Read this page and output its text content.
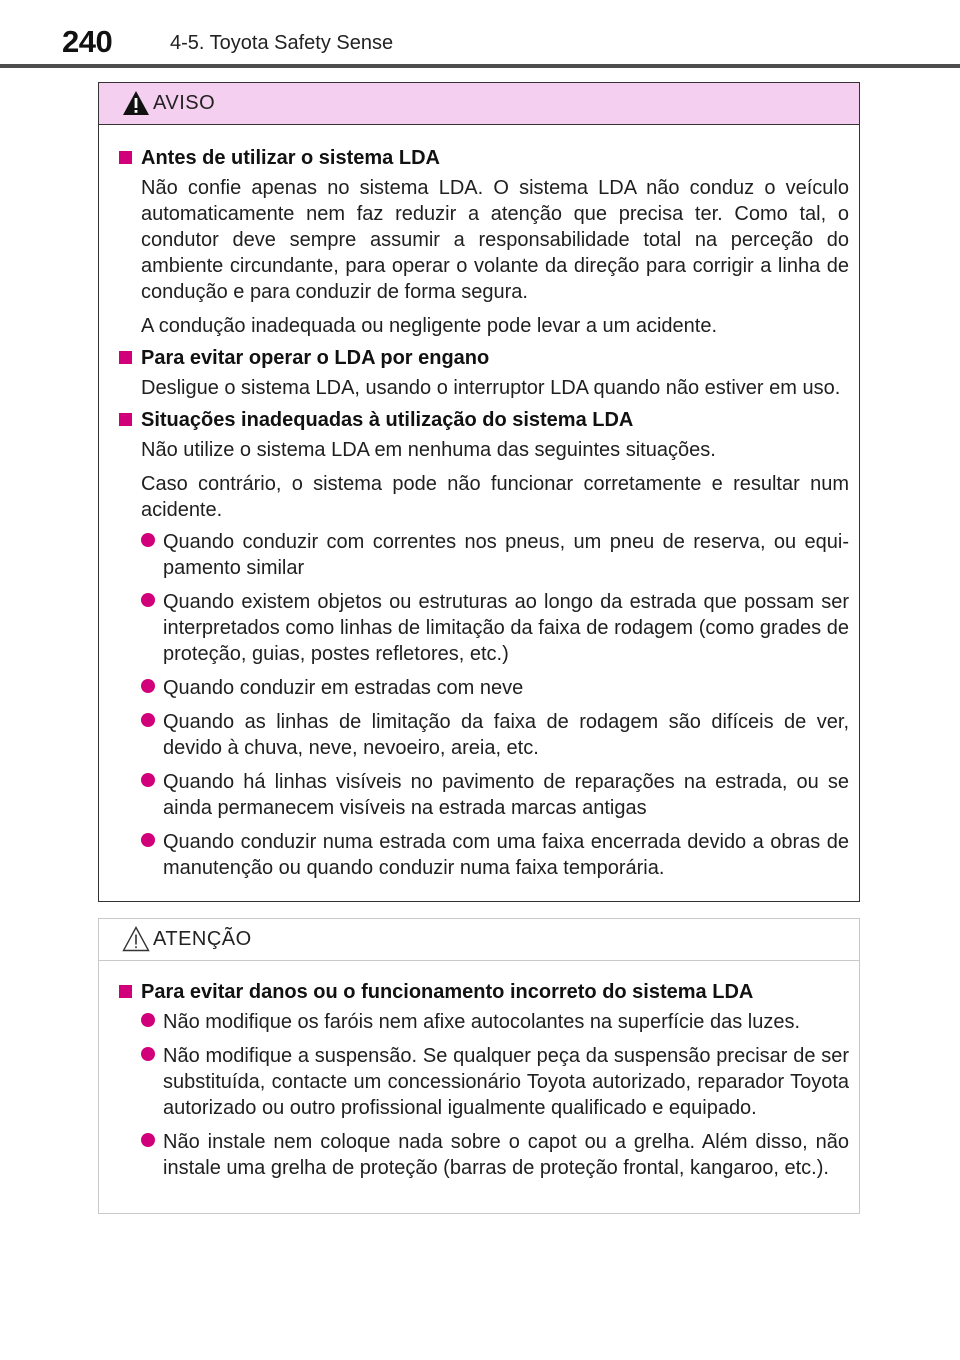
240	4-5. Toyota Safety Sense
AVISO
Antes de utilizar o sistema LDA

Não confie apenas no sistema LDA. O sistema LDA não conduz o veículo automaticamente nem faz reduzir a atenção que precisa ter. Como tal, o condutor deve sempre assumir a responsabilidade total na perceção do ambiente circundante, para operar o volante da direção para corrigir a linha de condução e para conduzir de forma segura.

A condução inadequada ou negligente pode levar a um acidente.

Para evitar operar o LDA por engano

Desligue o sistema LDA, usando o interruptor LDA quando não estiver em uso.

Situações inadequadas à utilização do sistema LDA

Não utilize o sistema LDA em nenhuma das seguintes situações.

Caso contrário, o sistema pode não funcionar corretamente e resultar num acidente.

Quando conduzir com correntes nos pneus, um pneu de reserva, ou equi-pamento similar
Quando existem objetos ou estruturas ao longo da estrada que possam ser interpretados como linhas de limitação da faixa de rodagem (como grades de proteção, guias, postes refletores, etc.)
Quando conduzir em estradas com neve
Quando as linhas de limitação da faixa de rodagem são difíceis de ver, devido à chuva, neve, nevoeiro, areia, etc.
Quando há linhas visíveis no pavimento de reparações na estrada, ou se ainda permanecem visíveis na estrada marcas antigas
Quando conduzir numa estrada com uma faixa encerrada devido a obras de manutenção ou quando conduzir numa faixa temporária.
ATENÇÃO
Para evitar danos ou o funcionamento incorreto do sistema LDA
Não modifique os faróis nem afixe autocolantes na superfície das luzes.
Não modifique a suspensão. Se qualquer peça da suspensão precisar de ser substituída, contacte um concessionário Toyota autorizado, reparador Toyota autorizado ou outro profissional igualmente qualificado e equipado.
Não instale nem coloque nada sobre o capot ou a grelha. Além disso, não instale uma grelha de proteção (barras de proteção frontal, kangaroo, etc.).
